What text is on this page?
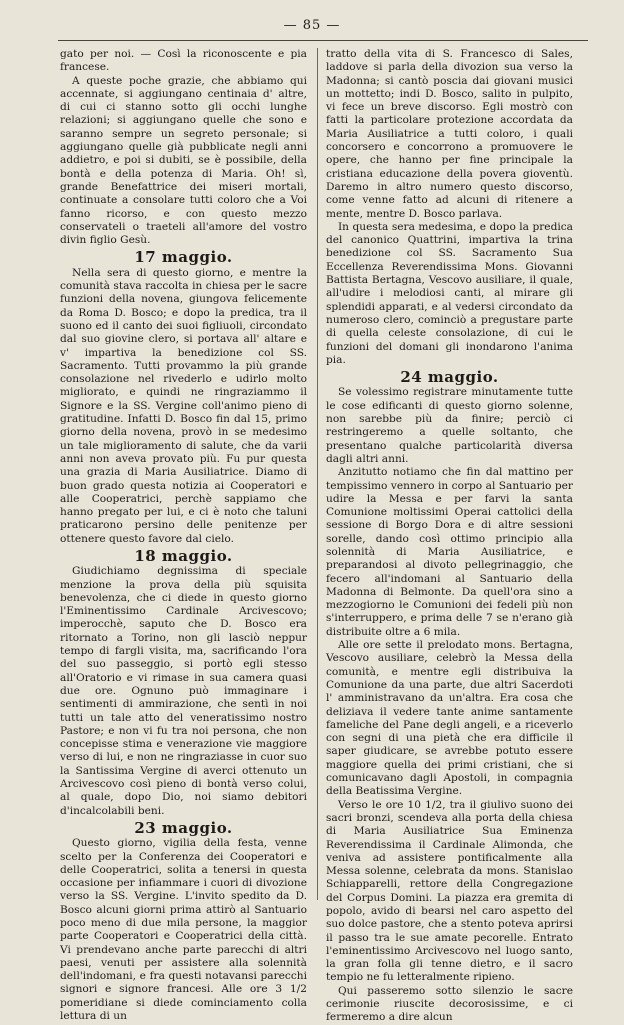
— 85 —

gato per noi. — Così la riconoscente e pia francese.

A queste poche grazie, che abbiamo qui accennate, si aggiungano centinaia d' altre, di cui ci stanno sotto gli occhi lunghe relazioni; si aggiungano quelle che sono e saranno sempre un segreto personale; si aggiungano quelle già pubblicate negli anni addietro, e poi si dubiti, se è possibile, della bontà e della potenza di Maria. Oh! sì, grande Benefattrice dei miseri mortali, continuate a consolare tutti coloro che a Voi fanno ricorso, e con questo mezzo conservateli o traeteli all'amore del vostro divin figlio Gesù.

17 maggio.

Nella sera di questo giorno, e mentre la comunità stava raccolta in chiesa per le sacre funzioni della novena, giungova felicemente da Roma D. Bosco; e dopo la predica, tra il suono ed il canto dei suoi figliuoli, circondato dal suo giovine clero, si portava all' altare e v' impartiva la benedizione col SS. Sacramento. Tutti provammo la più grande consolazione nel rivederlo e udirlo molto migliorato, e quindi ne ringraziammo il Signore e la SS. Vergine coll'animo pieno di gratitudine. Infatti D. Bosco fin dal 15, primo giorno della novena, provò in se medesimo un tale miglioramento di salute, che da varii anni non aveva provato più. Fu pur questa una grazia di Maria Ausiliatrice. Diamo di buon grado questa notizia ai Cooperatori e alle Cooperatrici, perchè sappiamo che hanno pregato per lui, e ci è noto che taluni praticarono persino delle penitenze per ottenere questo favore dal cielo.

18 maggio.

Giudichiamo degnissima di speciale menzione la prova della più squisita benevolenza, che ci diede in questo giorno l'Eminentissimo Cardinale Arcivescovo; imperocchè, saputo che D. Bosco era ritornato a Torino, non gli lasciò neppur tempo di fargli visita, ma, sacrificando l'ora del suo passeggio, si portò egli stesso all'Oratorio e vi rimase in sua camera quasi due ore. Ognuno può immaginare i sentimenti di ammirazione, che sentì in noi tutti un tale atto del veneratissimo nostro Pastore; e non vi fu tra noi persona, che non concepisse stima e venerazione vie maggiore verso di lui, e non ne ringraziasse in cuor suo la Santissima Vergine di averci ottenuto un Arcivescovo così pieno di bontà verso colui, al quale, dopo Dio, noi siamo debitori d'incalcolabili beni.

23 maggio.

Questo giorno, vigilia della festa, venne scelto per la Conferenza dei Cooperatori e delle Cooperatrici, solita a tenersi in questa occasione per infiammare i cuori di divozione verso la SS. Vergine. L'invito spedito da D. Bosco alcuni giorni prima attirò al Santuario poco meno di due mila persone, la maggior parte Cooperatori e Cooperatrici della città. Vi prendevano anche parte parecchi di altri paesi, venuti per assistere alla solennità dell'indomani, e fra questi notavansi parecchi signori e signore francesi. Alle ore 3 1/2 pomeridiane si diede cominciamento colla lettura di un

tratto della vita di S. Francesco di Sales, laddove si parla della divozion sua verso la Madonna; si cantò poscia dai giovani musici un mottetto; indi D. Bosco, salito in pulpito, vi fece un breve discorso. Egli mostrò con fatti la particolare protezione accordata da Maria Ausiliatrice a tutti coloro, i quali concorsero e concorrono a promuovere le opere, che hanno per fine principale la cristiana educazione della povera gioventù. Daremo in altro numero questo discorso, come venne fatto ad alcuni di ritenere a mente, mentre D. Bosco parlava.

In questa sera medesima, e dopo la predica del canonico Quattrini, impartiva la trina benedizione col SS. Sacramento Sua Eccellenza Reverendissima Mons. Giovanni Battista Bertagna, Vescovo ausiliare, il quale, all'udire i melodiosi canti, al mirare gli splendidi apparati, e al vedersi circondato da numeroso clero, cominciò a pregustare parte di quella celeste consolazione, di cui le funzioni del domani gli inondarono l'anima pia.

24 maggio.

Se volessimo registrare minutamente tutte le cose edificanti di questo giorno solenne, non sarebbe più da finire; perciò ci restringeremo a quelle soltanto, che presentano qualche particolarità diversa dagli altri anni.

Anzitutto notiamo che fin dal mattino per tempissimo vennero in corpo al Santuario per udire la Messa e per farvi la santa Comunione moltissimi Operai cattolici della sessione di Borgo Dora e di altre sessioni sorelle, dando così ottimo principio alla solennità di Maria Ausiliatrice, e preparandosi al divoto pellegrinaggio, che fecero all'indomani al Santuario della Madonna di Belmonte. Da quell'ora sino a mezzogiorno le Comunioni dei fedeli più non s'interruppero, e prima delle 7 se n'erano già distribuite oltre a 6 mila.

Alle ore sette il prelodato mons. Bertagna, Vescovo ausiliare, celebrò la Messa della comunità, e mentre egli distribuiva la Comunione da una parte, due altri Sacerdoti l' amministravano da un'altra. Era cosa che deliziava il vedere tante anime santamente fameliche del Pane degli angeli, e a riceverlo con segni di una pietà che era difficile il saper giudicare, se avrebbe potuto essere maggiore quella dei primi cristiani, che si comunicavano dagli Apostoli, in compagnia della Beatissima Vergine.

Verso le ore 10 1/2, tra il giulivo suono dei sacri bronzi, scendeva alla porta della chiesa di Maria Ausiliatrice Sua Eminenza Reverendissima il Cardinale Alimonda, che veniva ad assistere pontificalmente alla Messa solenne, celebrata da mons. Stanislao Schiapparelli, rettore della Congregazione del Corpus Domini. La piazza era gremita di popolo, avido di bearsi nel caro aspetto del suo dolce pastore, che a stento poteva aprirsi il passo tra le sue amate pecorelle. Entrato l'eminentissimo Arcivescovo nel luogo santo, la gran folla gli tenne dietro, e il sacro tempio ne fu letteralmente ripieno.

Qui passeremo sotto silenzio le sacre cerimonie riuscite decorosissime, e ci fermeremo a dire alcun
